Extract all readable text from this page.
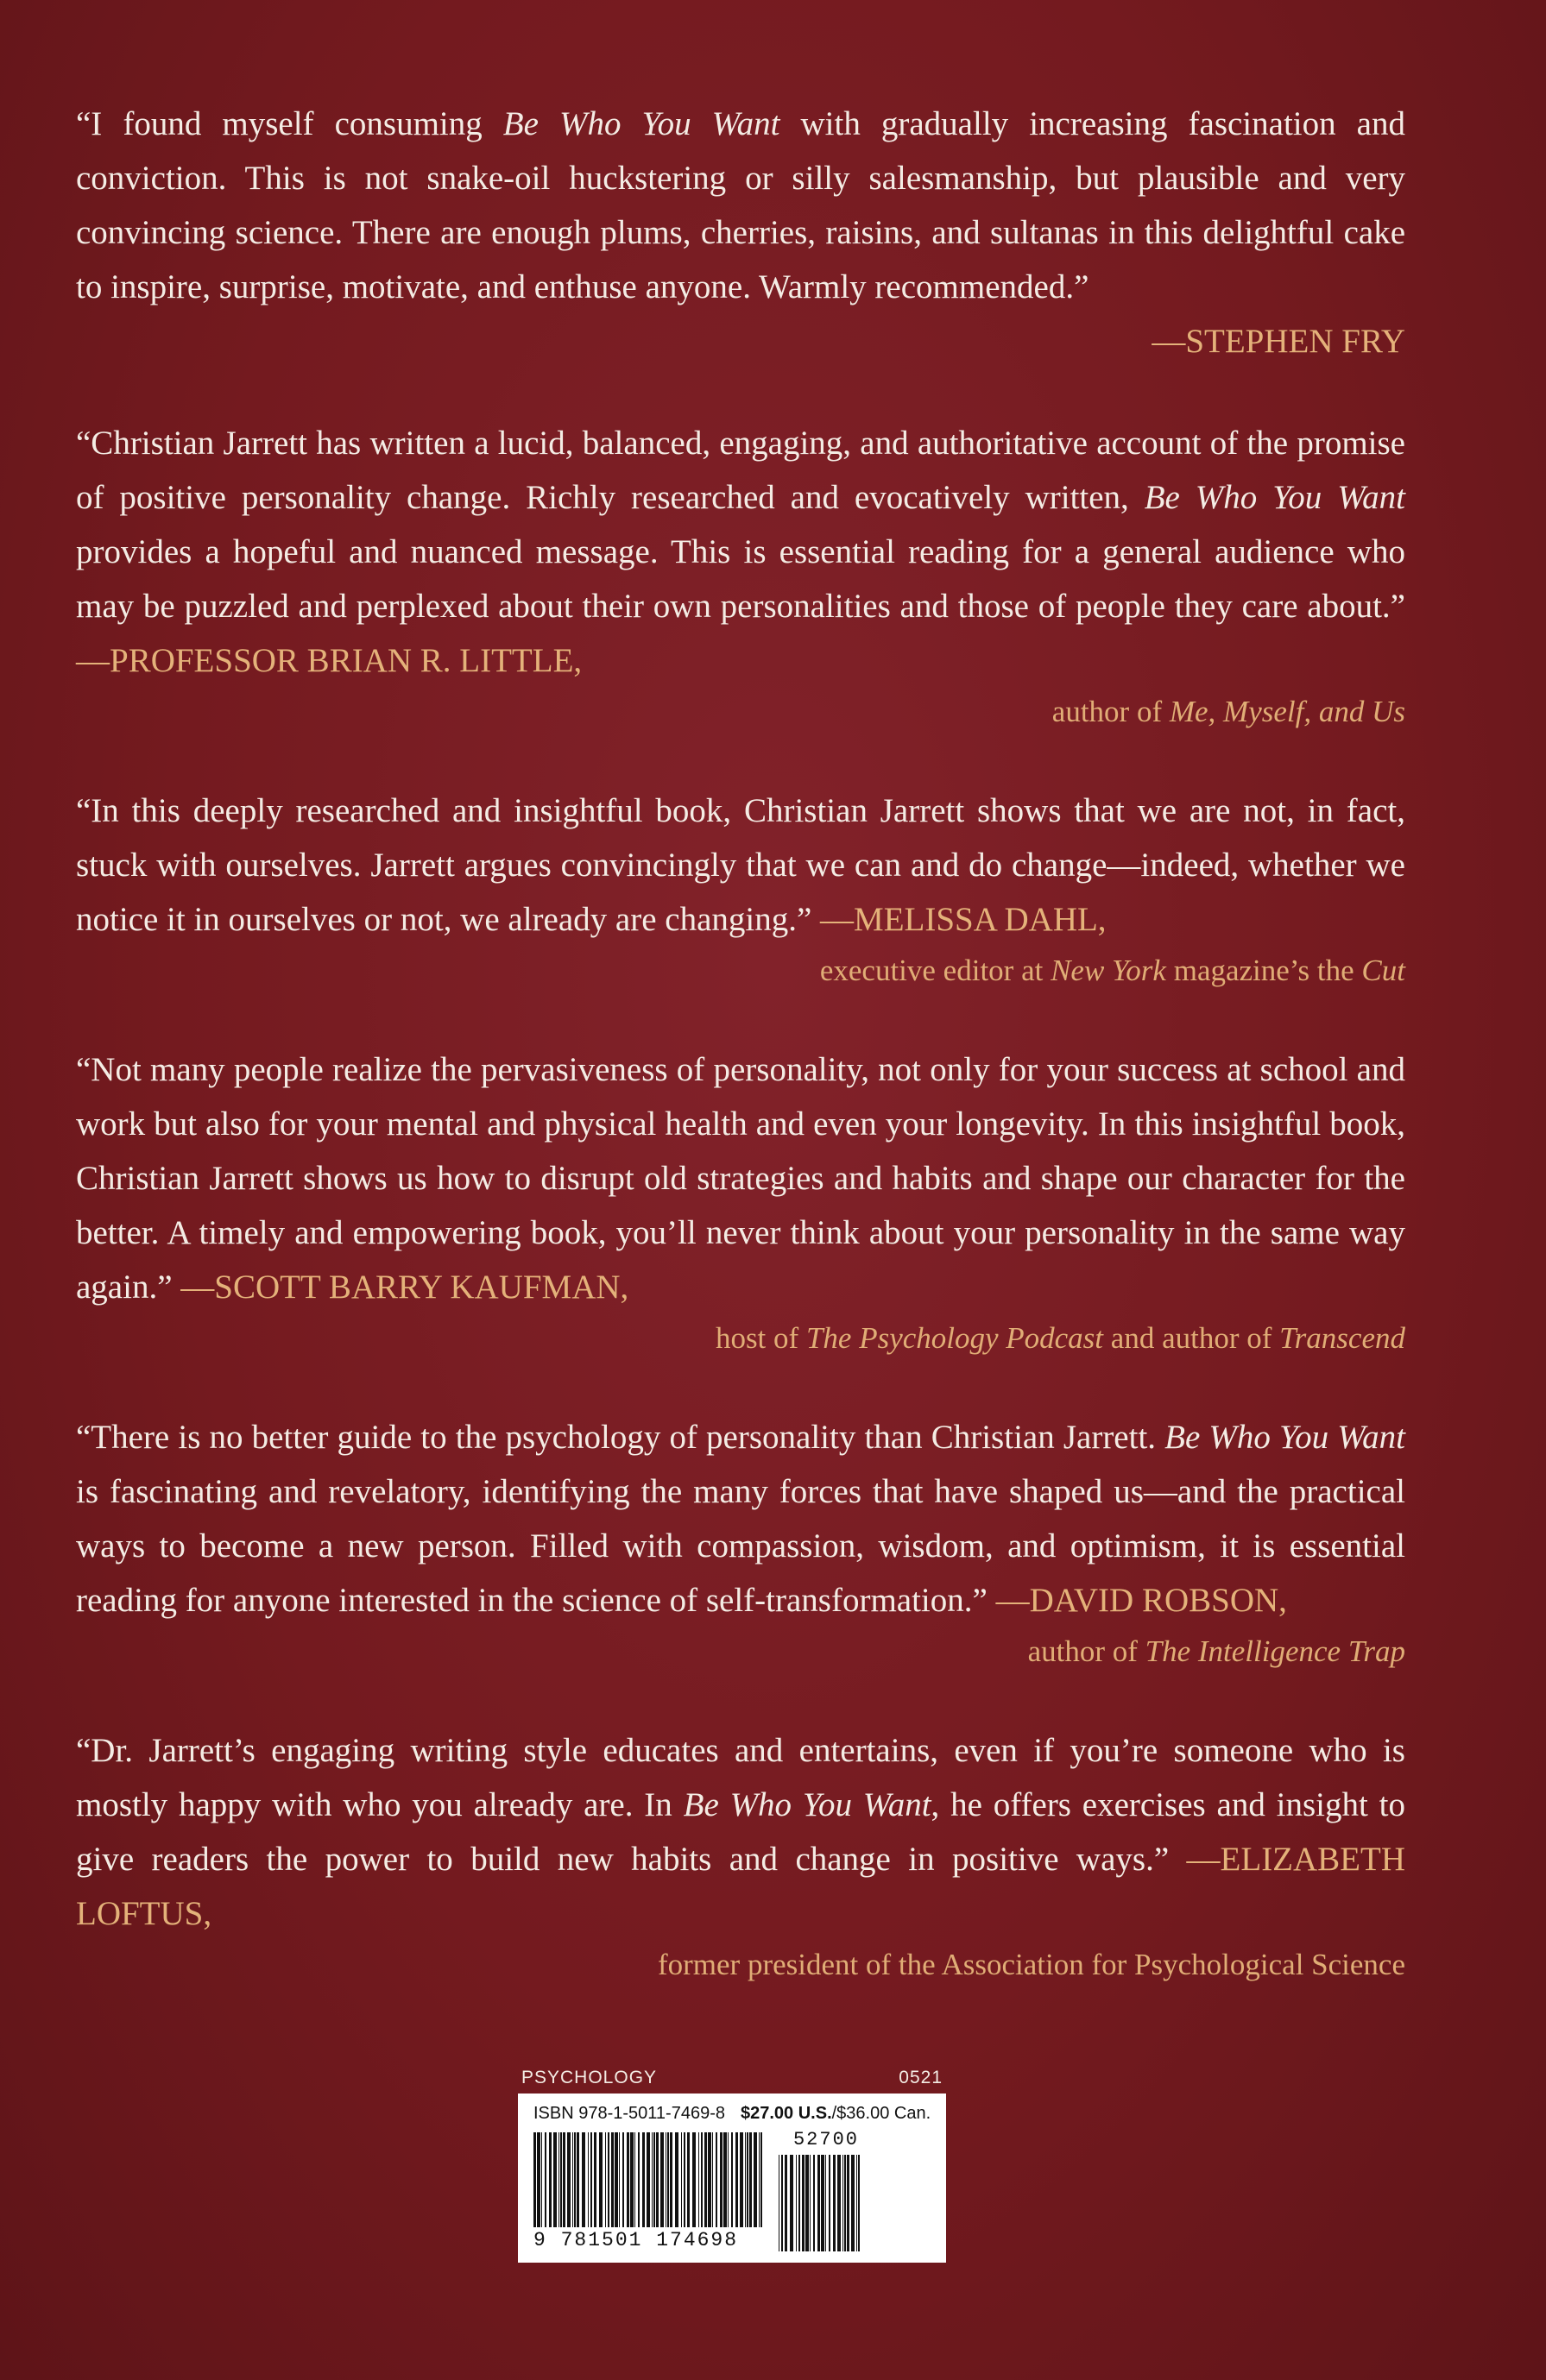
“I found myself consuming Be Who You Want with gradually increasing fascination and conviction. This is not snake-oil huckstering or silly salesmanship, but plausible and very convincing science. There are enough plums, cherries, raisins, and sultanas in this delightful cake to inspire, surprise, motivate, and enthuse anyone. Warmly recommended.”

—STEPHEN FRY

“Christian Jarrett has written a lucid, balanced, engaging, and authoritative account of the promise of positive personality change. Richly researched and evocatively written, Be Who You Want provides a hopeful and nuanced message. This is essential reading for a general audience who may be puzzled and perplexed about their own personalities and those of people they care about.” —PROFESSOR BRIAN R. LITTLE,

author of Me, Myself, and Us

“In this deeply researched and insightful book, Christian Jarrett shows that we are not, in fact, stuck with ourselves. Jarrett argues convincingly that we can and do change—indeed, whether we notice it in ourselves or not, we already are changing.” —MELISSA DAHL,

executive editor at New York magazine’s the Cut

“Not many people realize the pervasiveness of personality, not only for your success at school and work but also for your mental and physical health and even your longevity. In this insightful book, Christian Jarrett shows us how to disrupt old strategies and habits and shape our character for the better. A timely and empowering book, you’ll never think about your personality in the same way again.” —SCOTT BARRY KAUFMAN,

host of The Psychology Podcast and author of Transcend

“There is no better guide to the psychology of personality than Christian Jarrett. Be Who You Want is fascinating and revelatory, identifying the many forces that have shaped us—and the practical ways to become a new person. Filled with compassion, wisdom, and optimism, it is essential reading for anyone interested in the science of self-transformation.” —DAVID ROBSON,

author of The Intelligence Trap

“Dr. Jarrett’s engaging writing style educates and entertains, even if you’re someone who is mostly happy with who you already are. In Be Who You Want, he offers exercises and insight to give readers the power to build new habits and change in positive ways.” —ELIZABETH LOFTUS,

former president of the Association for Psychological Science
PSYCHOLOGY	0521
ISBN 978-1-5011-7469-8 $27.00 U.S./$36.00 Can.
9 781501 174698
52700
